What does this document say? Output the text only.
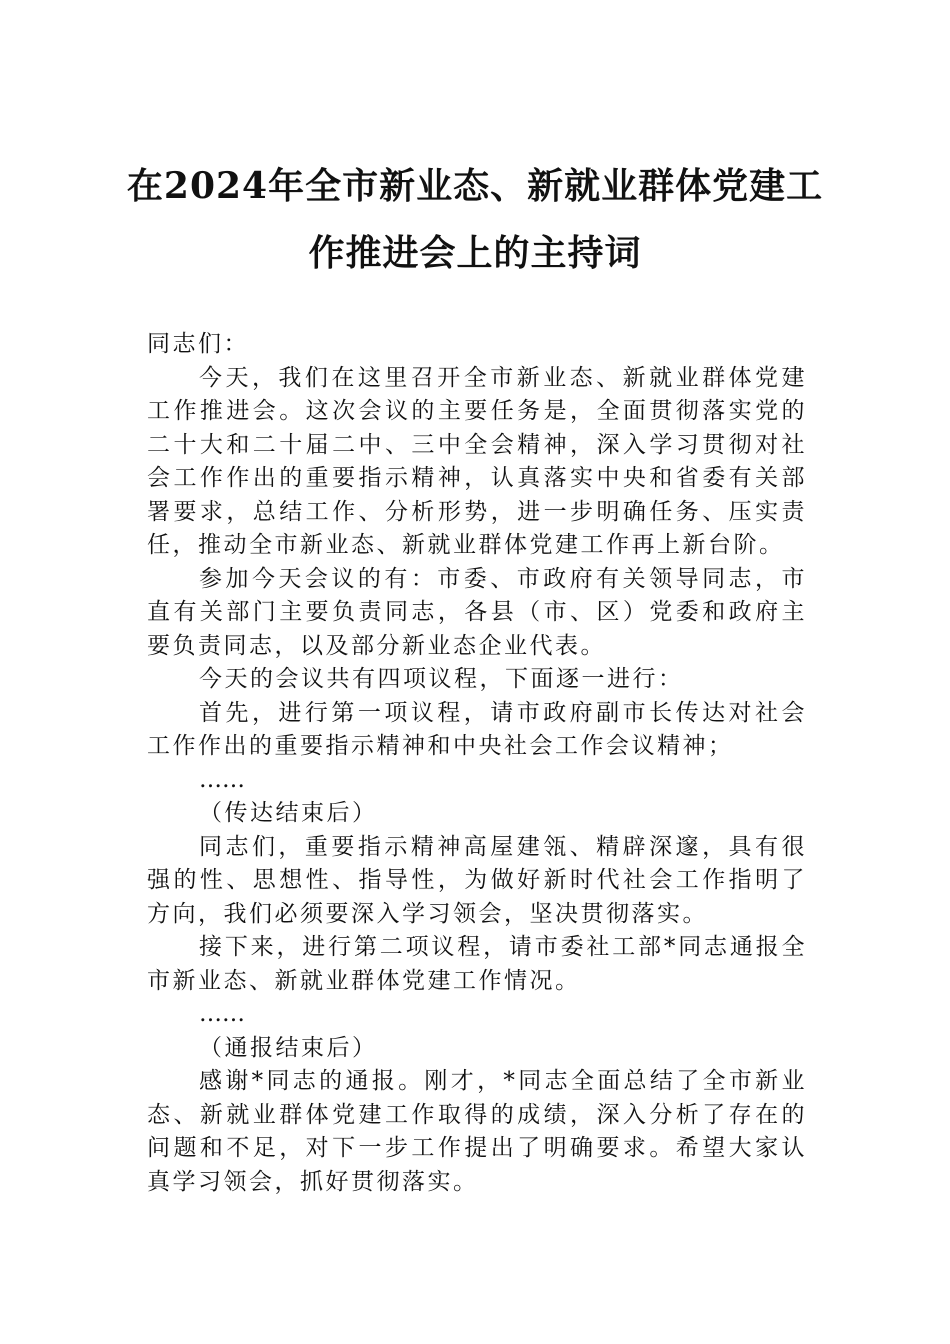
在2024年全市新业态、新就业群体党建工
作推进会上的主持词

同志们：

今天，我们在这里召开全市新业态、新就业群体党建工作推进会。这次会议的主要任务是，全面贯彻落实党的二十大和二十届二中、三中全会精神，深入学习贯彻对社会工作作出的重要指示精神，认真落实中央和省委有关部署要求，总结工作、分析形势，进一步明确任务、压实责任，推动全市新业态、新就业群体党建工作再上新台阶。

参加今天会议的有：市委、市政府有关领导同志，市直有关部门主要负责同志，各县（市、区）党委和政府主要负责同志，以及部分新业态企业代表。

今天的会议共有四项议程，下面逐一进行：

首先，进行第一项议程，请市政府副市长传达对社会工作作出的重要指示精神和中央社会工作会议精神；

……

（传达结束后）

同志们，重要指示精神高屋建瓴、精辟深邃，具有很强的性、思想性、指导性，为做好新时代社会工作指明了方向，我们必须要深入学习领会，坚决贯彻落实。

接下来，进行第二项议程，请市委社工部*同志通报全市新业态、新就业群体党建工作情况。

……

（通报结束后）

感谢*同志的通报。刚才，*同志全面总结了全市新业态、新就业群体党建工作取得的成绩，深入分析了存在的问题和不足，对下一步工作提出了明确要求。希望大家认真学习领会，抓好贯彻落实。
